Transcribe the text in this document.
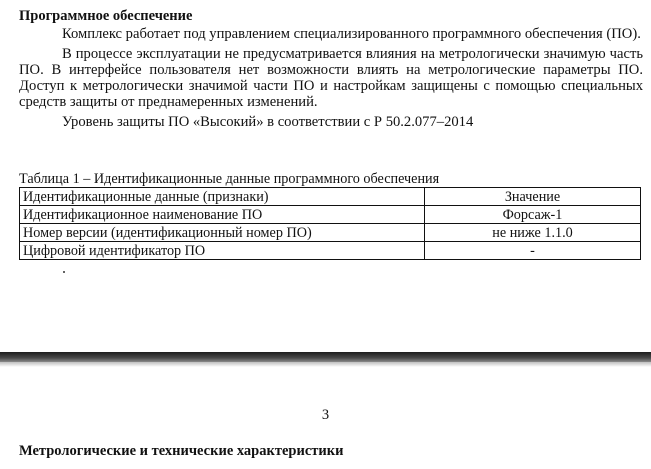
Программное обеспечение

Комплекс работает под управлением специализированного программного обеспечения (ПО).

В процессе эксплуатации не предусматривается влияния на метрологически значимую часть ПО. В интерфейсе пользователя нет возможности влиять на метрологические параметры ПО. Доступ к метрологически значимой части ПО и настройкам защищены с помощью специальных средств защиты от преднамеренных изменений.

Уровень защиты ПО «Высокий» в соответствии с Р 50.2.077–2014

Таблица 1 – Идентификационные данные программного обеспечения
Идентификационные данные (признаки)	Значение
Идентификационное наименование ПО	Форсаж-1
Номер версии (идентификационный номер ПО)	не ниже 1.1.0
Цифровой идентификатор ПО	-
3
Метрологические и технические характеристики
